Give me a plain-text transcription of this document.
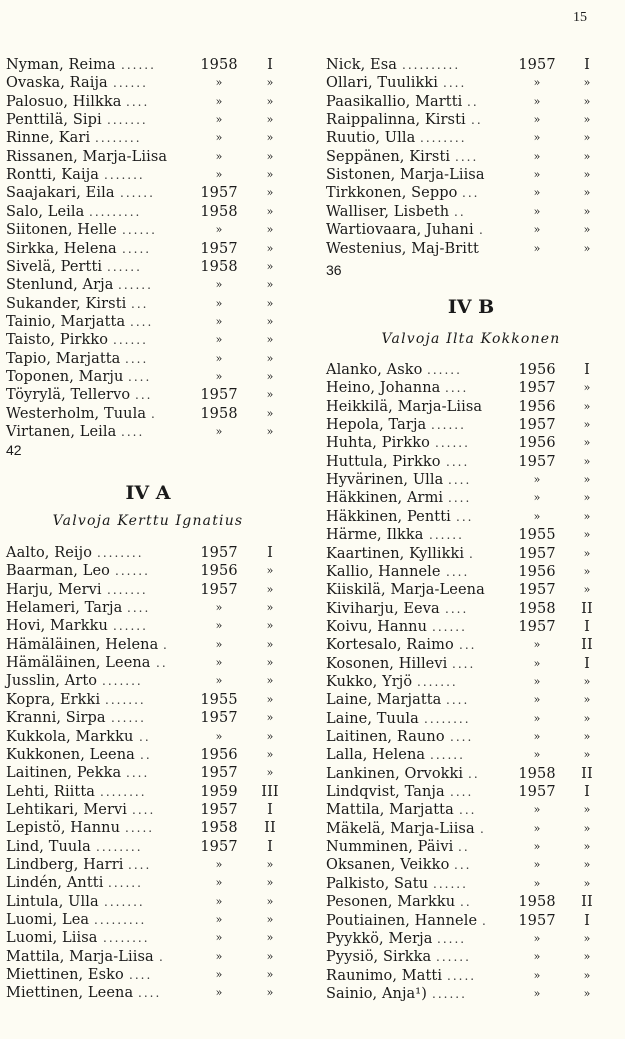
15
42
IV A
Valvoja Kerttu Ignatius
Nyman, Reima ......	1958	I
Ovaska, Raija ......	»	»
Palosuo, Hilkka ....	»	»
Penttilä, Sipi .......	»	»
Rinne, Kari ........	»	»
Rissanen, Marja-Liisa	»	»
Rontti, Kaija .......	»	»
Saajakari, Eila ......	1957	»
Salo, Leila .........	1958	»
Siitonen, Helle ......	»	»
Sirkka, Helena .....	1957	»
Sivelä, Pertti ......	1958	»
Stenlund, Arja ......	»	»
Sukander, Kirsti ...	»	»
Tainio, Marjatta ....	»	»
Taisto, Pirkko ......	»	»
Tapio, Marjatta ....	»	»
Toponen, Marju ....	»	»
Töyrylä, Tellervo ...	1957	»
Westerholm, Tuula .	1958	»
Virtanen, Leila ....	»	»
Aalto, Reijo ........	1957	I
Baarman, Leo ......	1956	»
Harju, Mervi .......	1957	»
Helameri, Tarja ....	»	»
Hovi, Markku ......	»	»
Hämäläinen, Helena .	»	»
Hämäläinen, Leena ..	»	»
Jusslin, Arto .......	»	»
Kopra, Erkki .......	1955	»
Kranni, Sirpa ......	1957	»
Kukkola, Markku ..	»	»
Kukkonen, Leena ..	1956	»
Laitinen, Pekka ....	1957	»
Lehti, Riitta ........	1959	III
Lehtikari, Mervi ....	1957	I
Lepistö, Hannu .....	1958	II
Lind, Tuula ........	1957	I
Lindberg, Harri ....	»	»
Lindén, Antti ......	»	»
Lintula, Ulla .......	»	»
Luomi, Lea .........	»	»
Luomi, Liisa ........	»	»
Mattila, Marja-Liisa .	»	»
Miettinen, Esko ....	»	»
Miettinen, Leena ....	»	»
36
IV B
Valvoja Ilta Kokkonen
Nick, Esa ..........	1957	I
Ollari, Tuulikki ....	»	»
Paasikallio, Martti ..	»	»
Raippalinna, Kirsti ..	»	»
Ruutio, Ulla ........	»	»
Seppänen, Kirsti ....	»	»
Sistonen, Marja-Liisa	»	»
Tirkkonen, Seppo ...	»	»
Walliser, Lisbeth ..	»	»
Wartiovaara, Juhani .	»	»
Westenius, Maj-Britt	»	»
Alanko, Asko ......	1956	I
Heino, Johanna ....	1957	»
Heikkilä, Marja-Liisa 1956	»
Hepola, Tarja ......	1957	»
Huhta, Pirkko ......	1956	»
Huttula, Pirkko ....	1957	»
Hyvärinen, Ulla ....	»	»
Häkkinen, Armi ....	»	»
Häkkinen, Pentti ...	»	»
Härme, Ilkka ......	1955	»
Kaartinen, Kyllikki .	1957	»
Kallio, Hannele ....	1956	»
Kiiskilä, Marja-Leena 1957	»
Kiviharju, Eeva ....	1958	II
Koivu, Hannu ......	1957	I
Kortesalo, Raimo ...	»	II
Kosonen, Hillevi ....	»	I
Kukko, Yrjö .......	»	»
Laine, Marjatta ....	»	»
Laine, Tuula ........	»	»
Laitinen, Rauno ....	»	»
Lalla, Helena ......	»	»
Lankinen, Orvokki ..	1958	II
Lindqvist, Tanja ....	1957	I
Mattila, Marjatta ...	»	»
Mäkelä, Marja-Liisa .	»	»
Numminen, Päivi ..	»	»
Oksanen, Veikko ...	»	»
Palkisto, Satu ......	»	»
Pesonen, Markku ..	1958	II
Poutiainen, Hannele . 1957	I
Pyykkö, Merja .....	»	»
Pyysiö, Sirkka ......	»	»
Raunimo, Matti .....	»	»
Sainio, Anja¹) ......	»	»
